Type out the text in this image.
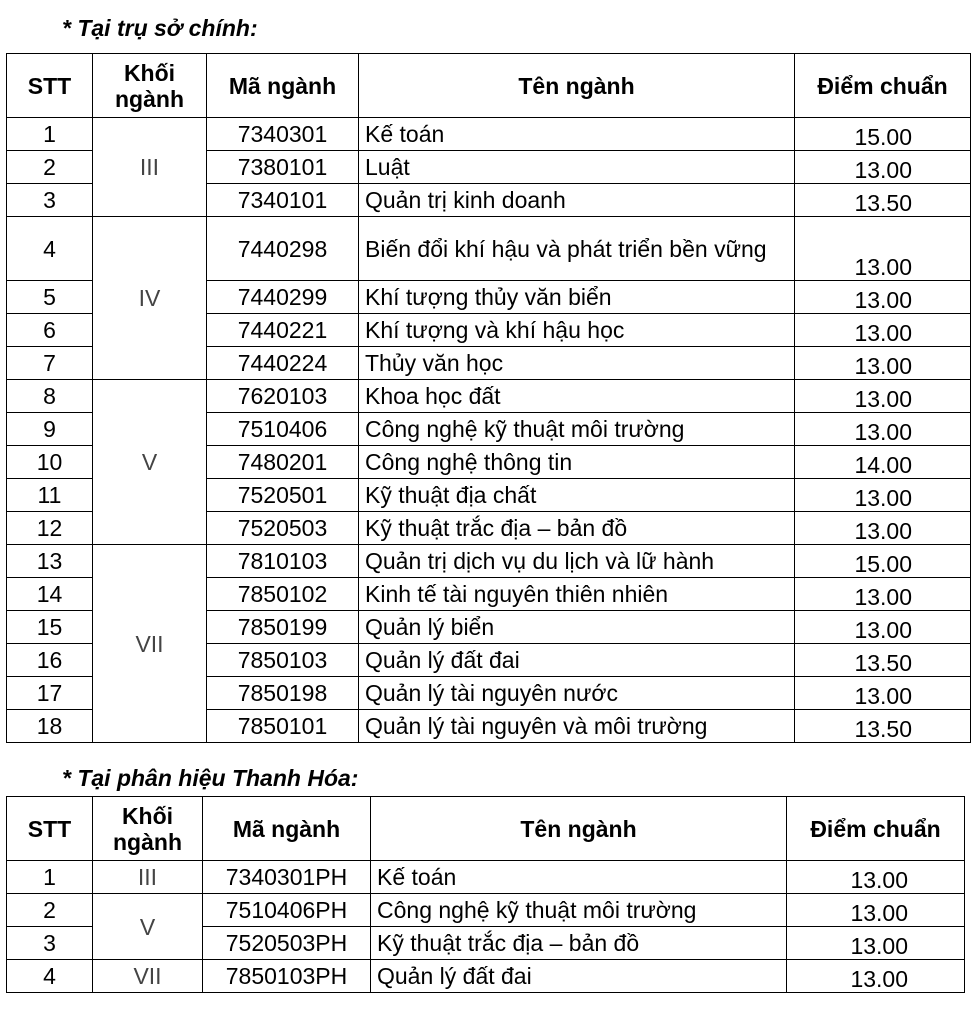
* Tại trụ sở chính:

STT	Khối ngành	Mã ngành	Tên ngành	Điểm chuẩn
1	III	7340301	Kế toán	15.00
2		7380101	Luật	13.00
3		7340101	Quản trị kinh doanh	13.50
4	IV	7440298	Biến đổi khí hậu và phát triển bền vững	13.00
5		7440299	Khí tượng thủy văn biển	13.00
6		7440221	Khí tượng và khí hậu học	13.00
7		7440224	Thủy văn học	13.00
8	V	7620103	Khoa học đất	13.00
9		7510406	Công nghệ kỹ thuật môi trường	13.00
10		7480201	Công nghệ thông tin	14.00
11		7520501	Kỹ thuật địa chất	13.00
12		7520503	Kỹ thuật trắc địa – bản đồ	13.00
13	VII	7810103	Quản trị dịch vụ du lịch và lữ hành	15.00
14		7850102	Kinh tế tài nguyên thiên nhiên	13.00
15		7850199	Quản lý biển	13.00
16		7850103	Quản lý đất đai	13.50
17		7850198	Quản lý tài nguyên nước	13.00
18		7850101	Quản lý tài nguyên và môi trường	13.50

* Tại phân hiệu Thanh Hóa:

STT	Khối ngành	Mã ngành	Tên ngành	Điểm chuẩn
1	III	7340301PH	Kế toán	13.00
2	V	7510406PH	Công nghệ kỹ thuật môi trường	13.00
3		7520503PH	Kỹ thuật trắc địa – bản đồ	13.00
4	VII	7850103PH	Quản lý đất đai	13.00
